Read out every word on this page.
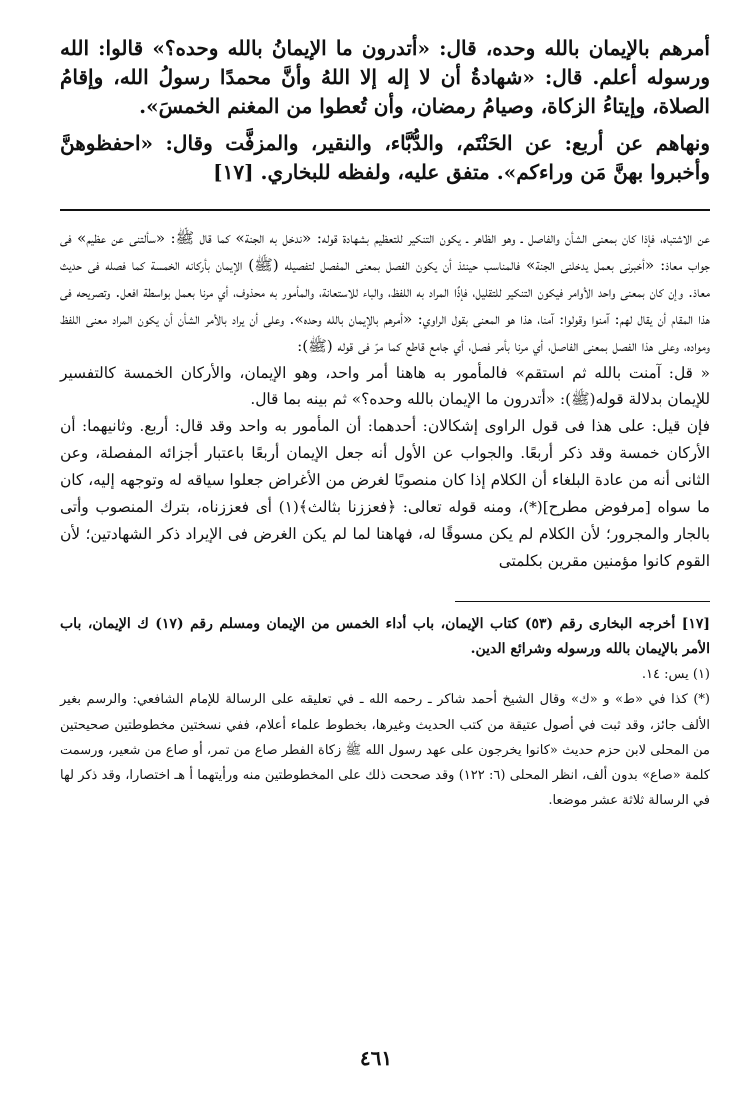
أمرهم بالإيمان بالله وحده، قال: «أتدرون ما الإيمانُ بالله وحده؟» قالوا: الله ورسوله أعلم. قال: «شهادةُ أن لا إله إلا اللهُ وأنَّ محمدًا رسولُ الله، وإقامُ الصلاة، وإيتاءُ الزكاة، وصيامُ رمضان، وأن تُعطوا من المغنم الخمسَ».

ونهاهم عن أربع: عن الحَنْتَم، والدُّبَّاء، والنقير، والمزفَّت وقال: «احفظوهنَّ وأخبروا بهنَّ مَن وراءكم». متفق عليه، ولفظه للبخاري. [١٧]

عن الاشتباه، فإذا كان بمعنى الشأن والفاصل ـ وهو الظاهر ـ يكون التنكير للتعظيم بشهادة قوله: «ندخل به الجنة» كما قال ﷺ: «سألتنى عن عظيم» فى جواب معاذ: «أخبرنى بعمل يدخلنى الجنة» فالمناسب حينئذ أن يكون الفصل بمعنى المفصل لتفصيله (ﷺ) الإيمان بأركانه الخمسة كما فصله فى حديث معاذ. وإن كان بمعنى واحد الأوامر فيكون التنكير للتقليل، فإذًا المراد به اللفظ، والباء للاستعانة، والمأمور به محذوف، أي مرنا بعمل بواسطة افعل. وتصريحه فى هذا المقام أن يقال لهم: آمنوا وقولوا: آمنا، هذا هو المعنى بقول الراوي: «أمرهم بالإيمان بالله وحده». وعلى أن يراد بالأمر الشأن أن يكون المراد معنى اللفظ ومواده، وعلى هذا الفصل بمعنى الفاصل، أي مرنا بأمر فصل، أي جامع قاطع كما مرّ فى قوله (ﷺ):

« قل: آمنت بالله ثم استقم» فالمأمور به هاهنا أمر واحد، وهو الإيمان، والأركان الخمسة كالتفسير للإيمان بدلالة قوله(ﷺ): «أتدرون ما الإيمان بالله وحده؟» ثم بينه بما قال.

فإن قيل: على هذا فى قول الراوى إشكالان: أحدهما: أن المأمور به واحد وقد قال: أربع. وثانيهما: أن الأركان خمسة وقد ذكر أربعًا. والجواب عن الأول أنه جعل الإيمان أربعًا باعتبار أجزائه المفصلة، وعن الثانى أنه من عادة البلغاء أن الكلام إذا كان منصوبًا لغرض من الأغراض جعلوا سياقه له وتوجهه إليه، كان ما سواه [مرفوض مطرح](*)، ومنه قوله تعالى: ﴿فعززنا بثالث﴾(١) أى فعززناه، بترك المنصوب وأتى بالجار والمجرور؛ لأن الكلام لم يكن مسوقًا له، فهاهنا لما لم يكن الغرض فى الإيراد ذكر الشهادتين؛ لأن القوم كانوا مؤمنين مقرين بكلمتى

[١٧] أخرجه البخارى رقم (٥٣) كتاب الإيمان، باب أداء الخمس من الإيمان ومسلم رقم (١٧) ك الإيمان، باب الأمر بالإيمان بالله ورسوله وشرائع الدين.

(١) يس: ١٤.

(*) كذا في «ط» و «ك» وقال الشيخ أحمد شاكر ـ رحمه الله ـ في تعليقه على الرسالة للإمام الشافعي: والرسم بغير الألف جائز، وقد ثبت في أصول عتيقة من كتب الحديث وغيرها، بخطوط علماء أعلام، ففي نسختين مخطوطتين صحيحتين من المحلى لابن حزم حديث «كانوا يخرجون على عهد رسول الله ﷺ زكاة الفطر صاع من تمر، أو صاع من شعير، ورسمت كلمة «صاع» بدون ألف، انظر المحلى (٦: ١٢٢) وقد صححت ذلك على المخطوطتين منه ورأيتهما أ هـ اختصارا، وقد ذكر لها في الرسالة ثلاثة عشر موضعا.

٤٦١
